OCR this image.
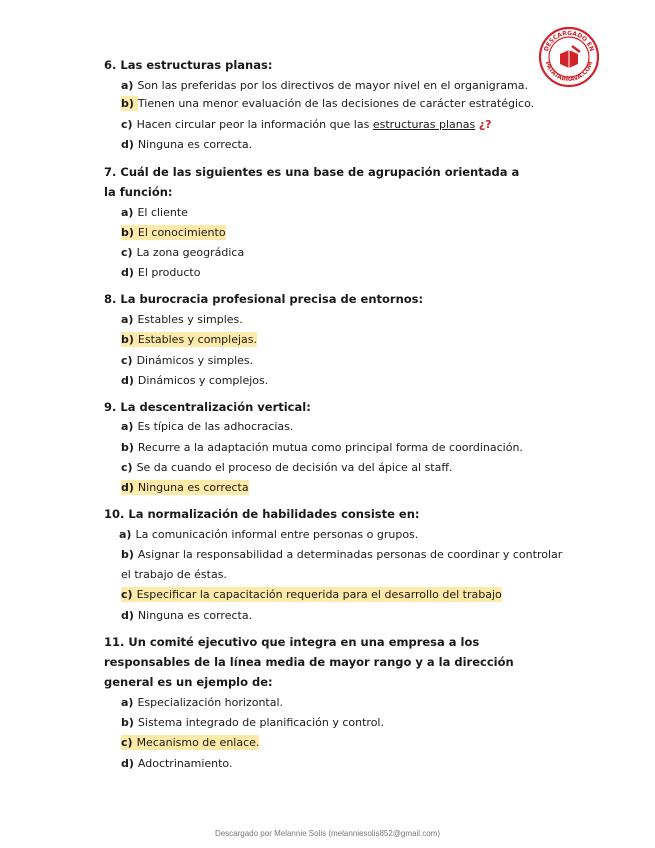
DESCARGADO EN
PATATABRAVA.COM
6. Las estructuras planas:
a) Son las preferidas por los directivos de mayor nivel en el organigrama.
b) Tienen una menor evaluación de las decisiones de carácter estratégico.
c) Hacen circular peor la información que las estructuras planas ¿?
d) Ninguna es correcta.
7. Cuál de las siguientes es una base de agrupación orientada a la función:
a) El cliente
b) El conocimiento
c) La zona geográdica
d) El producto
8. La burocracia profesional precisa de entornos:
a) Estables y simples.
b) Estables y complejas.
c) Dinámicos y simples.
d) Dinámicos y complejos.
9. La descentralización vertical:
a) Es típica de las adhocracias.
b) Recurre a la adaptación mutua como principal forma de coordinación.
c) Se da cuando el proceso de decisión va del ápice al staff.
d) Ninguna es correcta
10. La normalización de habilidades consiste en:
a) La comunicación informal entre personas o grupos.
b) Asignar la responsabilidad a determinadas personas de coordinar y controlar
el trabajo de éstas.
c) Especificar la capacitación requerida para el desarrollo del trabajo
d) Ninguna es correcta.
11. Un comité ejecutivo que integra en una empresa a los
responsables de la línea media de mayor rango y a la dirección
general es un ejemplo de:
a) Especialización horizontal.
b) Sistema integrado de planificación y control.
c) Mecanismo de enlace.
d) Adoctrinamiento.
Descargado por Melannie Solis (melanniesolis852@gmail.com)
